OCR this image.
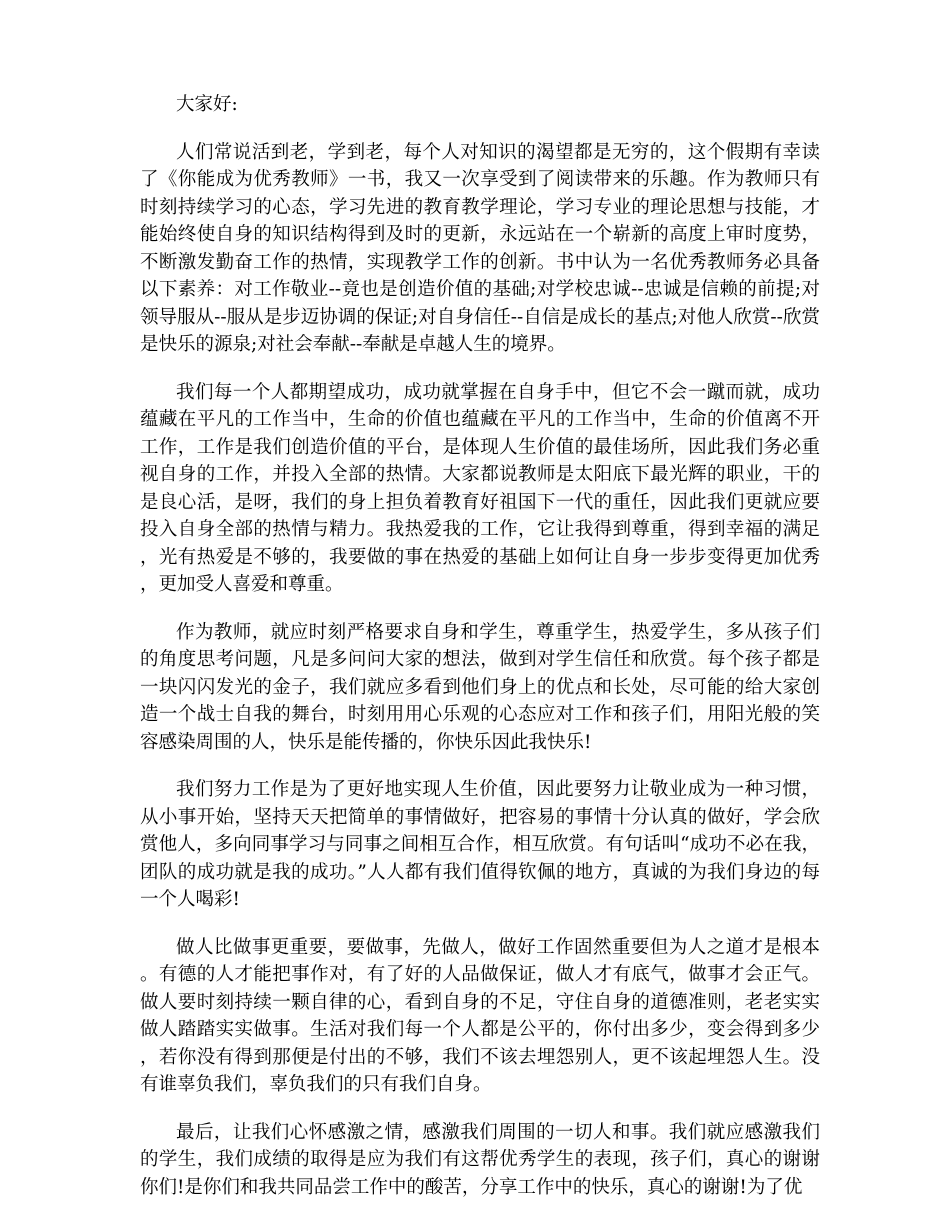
大家好:

人们常说活到老，学到老，每个人对知识的渴望都是无穷的，这个假期有幸读了《你能成为优秀教师》一书，我又一次享受到了阅读带来的乐趣。作为教师只有时刻持续学习的心态，学习先进的教育教学理论，学习专业的理论思想与技能，才能始终使自身的知识结构得到及时的更新，永远站在一个崭新的高度上审时度势，不断激发勤奋工作的热情，实现教学工作的创新。书中认为一名优秀教师务必具备以下素养：对工作敬业--竟也是创造价值的基础;对学校忠诚--忠诚是信赖的前提;对领导服从--服从是步迈协调的保证;对自身信任--自信是成长的基点;对他人欣赏--欣赏是快乐的源泉;对社会奉献--奉献是卓越人生的境界。

我们每一个人都期望成功，成功就掌握在自身手中，但它不会一蹴而就，成功蕴藏在平凡的工作当中，生命的价值也蕴藏在平凡的工作当中，生命的价值离不开工作，工作是我们创造价值的平台，是体现人生价值的最佳场所，因此我们务必重视自身的工作，并投入全部的热情。大家都说教师是太阳底下最光辉的职业，干的是良心活，是呀，我们的身上担负着教育好祖国下一代的重任，因此我们更就应要投入自身全部的热情与精力。我热爱我的工作，它让我得到尊重，得到幸福的满足，光有热爱是不够的，我要做的事在热爱的基础上如何让自身一步步变得更加优秀，更加受人喜爱和尊重。

作为教师，就应时刻严格要求自身和学生，尊重学生，热爱学生，多从孩子们的角度思考问题，凡是多问问大家的想法，做到对学生信任和欣赏。每个孩子都是一块闪闪发光的金子，我们就应多看到他们身上的优点和长处，尽可能的给大家创造一个战士自我的舞台，时刻用用心乐观的心态应对工作和孩子们，用阳光般的笑容感染周围的人，快乐是能传播的，你快乐因此我快乐!

我们努力工作是为了更好地实现人生价值，因此要努力让敬业成为一种习惯，从小事开始，坚持天天把简单的事情做好，把容易的事情十分认真的做好，学会欣赏他人，多向同事学习与同事之间相互合作，相互欣赏。有句话叫“成功不必在我，团队的成功就是我的成功。”人人都有我们值得钦佩的地方，真诚的为我们身边的每一个人喝彩!

做人比做事更重要，要做事，先做人，做好工作固然重要但为人之道才是根本。有德的人才能把事作对，有了好的人品做保证，做人才有底气，做事才会正气。做人要时刻持续一颗自律的心，看到自身的不足，守住自身的道德准则，老老实实做人踏踏实实做事。生活对我们每一个人都是公平的，你付出多少，变会得到多少，若你没有得到那便是付出的不够，我们不该去埋怨别人，更不该起埋怨人生。没有谁辜负我们，辜负我们的只有我们自身。

最后，让我们心怀感激之情，感激我们周围的一切人和事。我们就应感激我们的学生，我们成绩的取得是应为我们有这帮优秀学生的表现，孩子们，真心的谢谢你们!是你们和我共同品尝工作中的酸苦，分享工作中的快乐，真心的谢谢!为了优
